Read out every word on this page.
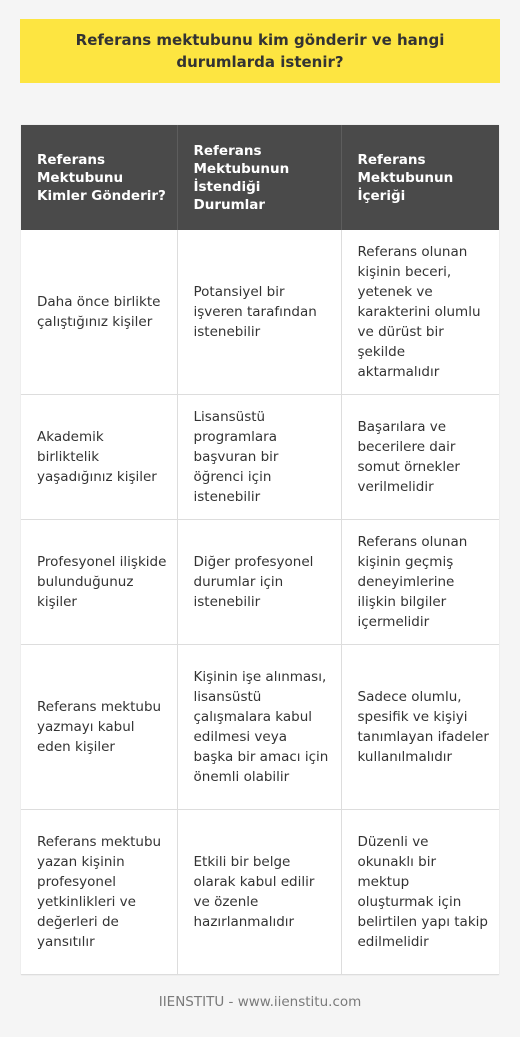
Referans mektubunu kim gönderir ve hangi durumlarda istenir?
Referans Mektubunu Kimler Gönderir?	Referans Mektubunun İstendiği Durumlar	Referans Mektubunun İçeriği
Daha önce birlikte çalıştığınız kişiler	Potansiyel bir işveren tarafından istenebilir	Referans olunan kişinin beceri, yetenek ve karakterini olumlu ve dürüst bir şekilde aktarmalıdır
Akademik birliktelik yaşadığınız kişiler	Lisansüstü programlara başvuran bir öğrenci için istenebilir	Başarılara ve becerilere dair somut örnekler verilmelidir
Profesyonel ilişkide bulunduğunuz kişiler	Diğer profesyonel durumlar için istenebilir	Referans olunan kişinin geçmiş deneyimlerine ilişkin bilgiler içermelidir
Referans mektubu yazmayı kabul eden kişiler	Kişinin işe alınması, lisansüstü çalışmalara kabul edilmesi veya başka bir amacı için önemli olabilir	Sadece olumlu, spesifik ve kişiyi tanımlayan ifadeler kullanılmalıdır
Referans mektubu yazan kişinin profesyonel yetkinlikleri ve değerleri de yansıtılır	Etkili bir belge olarak kabul edilir ve özenle hazırlanmalıdır	Düzenli ve okunaklı bir mektup oluşturmak için belirtilen yapı takip edilmelidir
IIENSTITU - www.iienstitu.com
